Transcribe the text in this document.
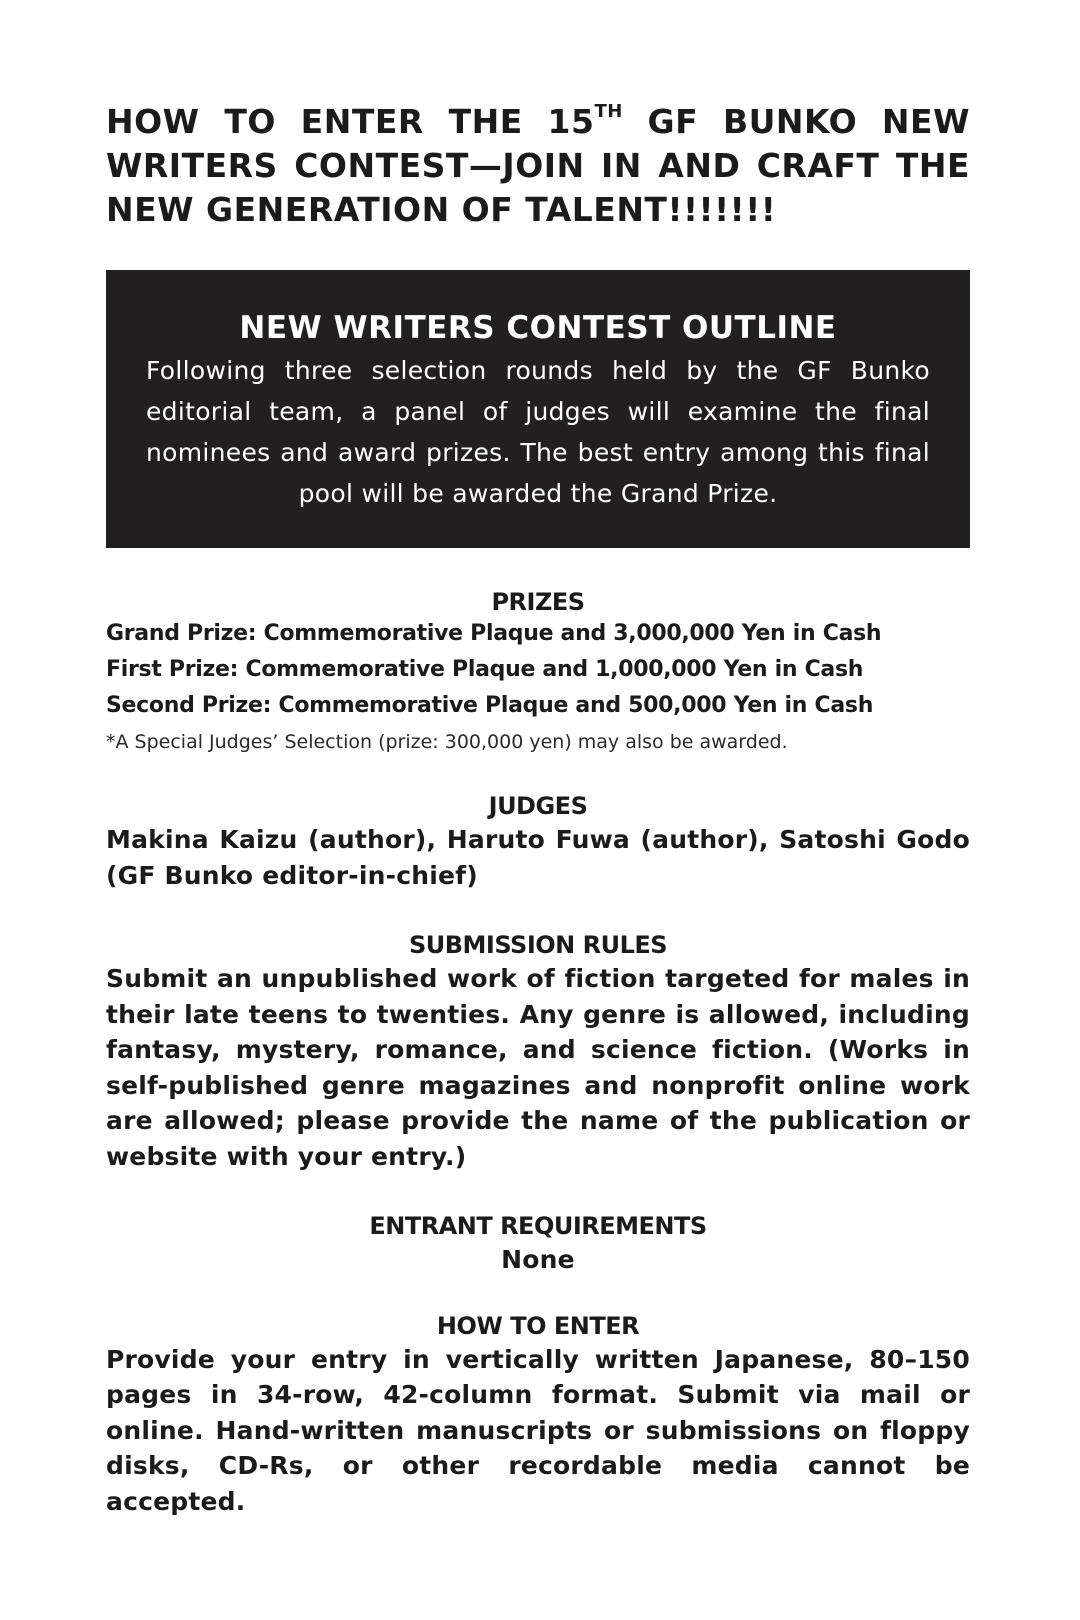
HOW TO ENTER THE 15TH GF BUNKO NEW
WRITERS CONTEST—JOIN IN AND CRAFT THE
NEW GENERATION OF TALENT!!!!!!!
NEW WRITERS CONTEST OUTLINE
Following three selection rounds held by the GF Bunko editorial team, a panel of judges will examine the final nominees and award prizes. The best entry among this final pool will be awarded the Grand Prize.
PRIZES
Grand Prize: Commemorative Plaque and 3,000,000 Yen in Cash
First Prize: Commemorative Plaque and 1,000,000 Yen in Cash
Second Prize: Commemorative Plaque and 500,000 Yen in Cash
*A Special Judges’ Selection (prize: 300,000 yen) may also be awarded.
JUDGES

Makina Kaizu (author), Haruto Fuwa (author), Satoshi Godo (GF Bunko editor-in-chief)

SUBMISSION RULES

Submit an unpublished work of fiction targeted for males in their late teens to twenties. Any genre is allowed, including fantasy, mystery, romance, and science fiction. (Works in self-published genre magazines and nonprofit online work are allowed; please provide the name of the publication or website with your entry.)

ENTRANT REQUIREMENTS

None

HOW TO ENTER

Provide your entry in vertically written Japanese, 80–150 pages in 34-row, 42-column format. Submit via mail or online. Hand-written manuscripts or submissions on floppy disks, CD-Rs, or other recordable media cannot be accepted.
